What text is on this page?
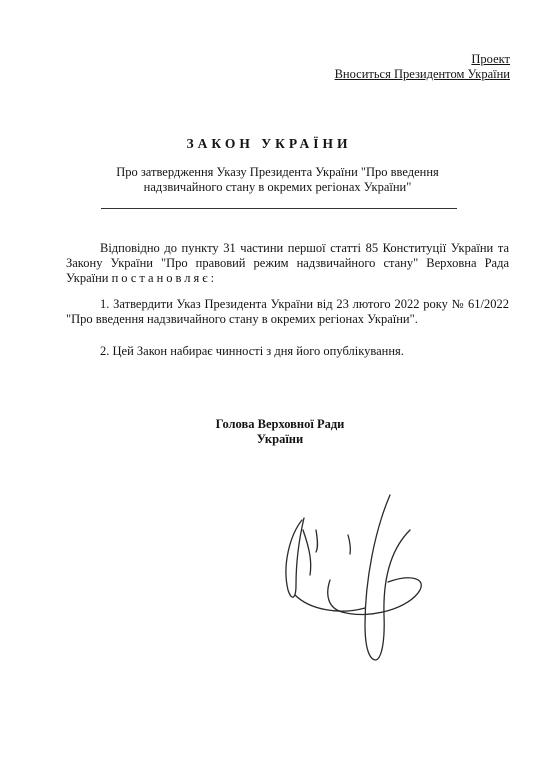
Проект
Вноситься Президентом України
ЗАКОН УКРАЇНИ
Про затвердження Указу Президента України "Про введення надзвичайного стану в окремих регіонах України"
Відповідно до пункту 31 частини першої статті 85 Конституції України та Закону України "Про правовий режим надзвичайного стану" Верховна Рада України постановляє:
1. Затвердити Указ Президента України від 23 лютого 2022 року № 61/2022 "Про введення надзвичайного стану в окремих регіонах України".
2. Цей Закон набирає чинності з дня його опублікування.
Голова Верховної Ради
України
